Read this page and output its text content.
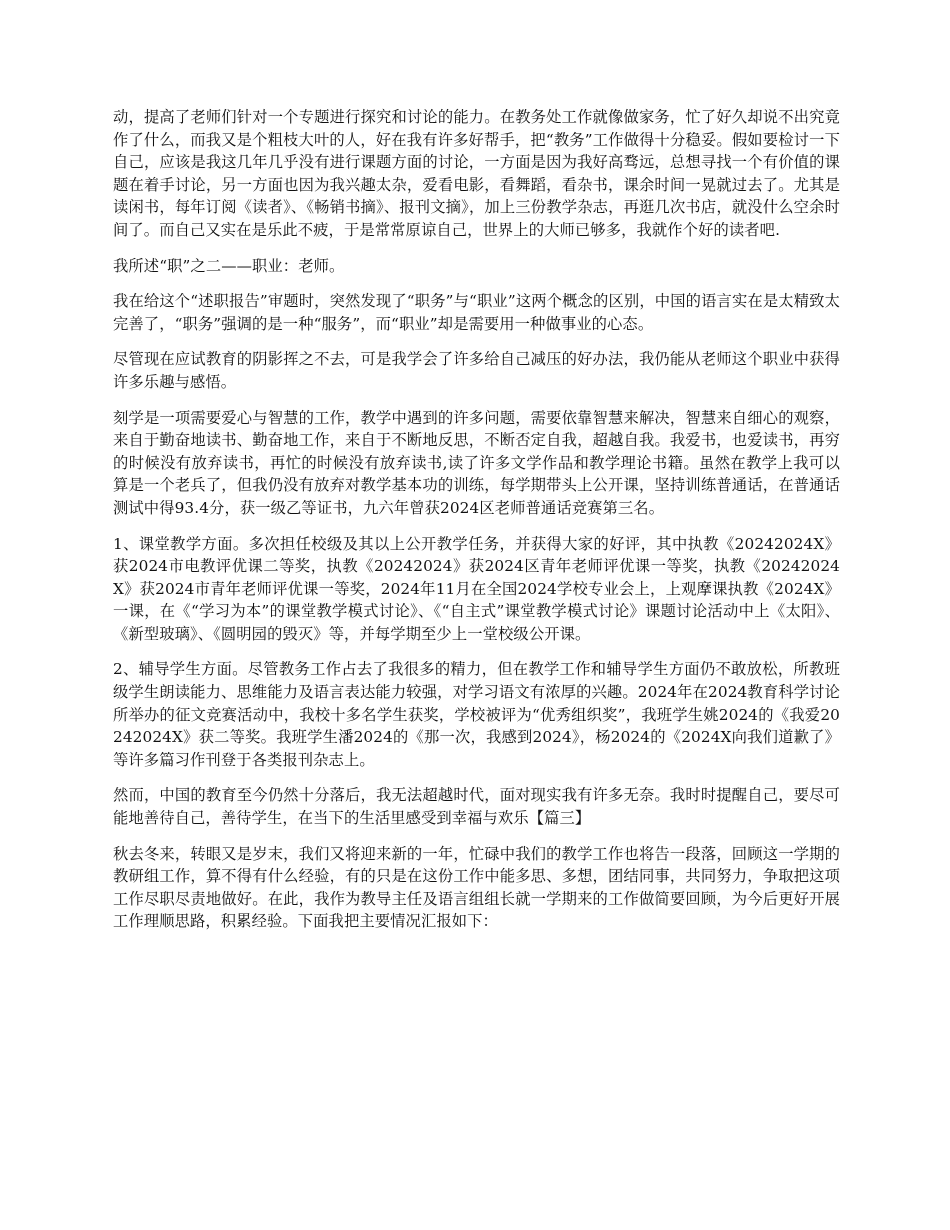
动，提高了老师们针对一个专题进行探究和讨论的能力。在教务处工作就像做家务，忙了好久却说不出究竟作了什么，而我又是个粗枝大叶的人，好在我有许多好帮手，把“教务”工作做得十分稳妥。假如要检讨一下自己，应该是我这几年几乎没有进行课题方面的讨论，一方面是因为我好高骛远，总想寻找一个有价值的课题在着手讨论，另一方面也因为我兴趣太杂，爱看电影，看舞蹈，看杂书，课余时间一晃就过去了。尤其是读闲书，每年订阅《读者》、《畅销书摘》、报刊文摘》，加上三份教学杂志，再逛几次书店，就没什么空余时间了。而自己又实在是乐此不疲，于是常常原谅自己，世界上的大师已够多，我就作个好的读者吧.

我所述“职”之二——职业：老师。

我在给这个“述职报告”审题时，突然发现了“职务”与“职业”这两个概念的区别，中国的语言实在是太精致太完善了，“职务”强调的是一种“服务”，而“职业”却是需要用一种做事业的心态。

尽管现在应试教育的阴影挥之不去，可是我学会了许多给自己减压的好办法，我仍能从老师这个职业中获得许多乐趣与感悟。

刻学是一项需要爱心与智慧的工作，教学中遇到的许多问题，需要依靠智慧来解决，智慧来自细心的观察，来自于勤奋地读书、勤奋地工作，来自于不断地反思，不断否定自我，超越自我。我爱书，也爱读书，再穷的时候没有放弃读书，再忙的时候没有放弃读书,读了许多文学作品和教学理论书籍。虽然在教学上我可以算是一个老兵了，但我仍没有放弃对教学基本功的训练，每学期带头上公开课，坚持训练普通话，在普通话测试中得93.4分，获一级乙等证书，九六年曾获2024区老师普通话竞赛第三名。

1、课堂教学方面。多次担任校级及其以上公开教学任务，并获得大家的好评，其中执教《20242024X》获2024市电教评优课二等奖，执教《20242024》获2024区青年老师评优课一等奖，执教《20242024X》获2024市青年老师评优课一等奖，2024年11月在全国2024学校专业会上，上观摩课执教《2024X》一课，在《“学习为本”的课堂教学模式讨论》、《“自主式”课堂教学模式讨论》课题讨论活动中上《太阳》、《新型玻璃》、《圆明园的毁灭》等，并每学期至少上一堂校级公开课。

2、辅导学生方面。尽管教务工作占去了我很多的精力，但在教学工作和辅导学生方面仍不敢放松，所教班级学生朗读能力、思维能力及语言表达能力较强，对学习语文有浓厚的兴趣。2024年在2024教育科学讨论所举办的征文竞赛活动中，我校十多名学生获奖，学校被评为“优秀组织奖”，我班学生姚2024的《我爱20242024X》获二等奖。我班学生潘2024的《那一次，我感到2024》，杨2024的《2024X向我们道歉了》等许多篇习作刊登于各类报刊杂志上。

然而，中国的教育至今仍然十分落后，我无法超越时代，面对现实我有许多无奈。我时时提醒自己，要尽可能地善待自己，善待学生，在当下的生活里感受到幸福与欢乐【篇三】

秋去冬来，转眼又是岁末，我们又将迎来新的一年，忙碌中我们的教学工作也将告一段落，回顾这一学期的教研组工作，算不得有什么经验，有的只是在这份工作中能多思、多想，团结同事，共同努力，争取把这项工作尽职尽责地做好。在此，我作为教导主任及语言组组长就一学期来的工作做简要回顾，为今后更好开展工作理顺思路，积累经验。下面我把主要情况汇报如下：
